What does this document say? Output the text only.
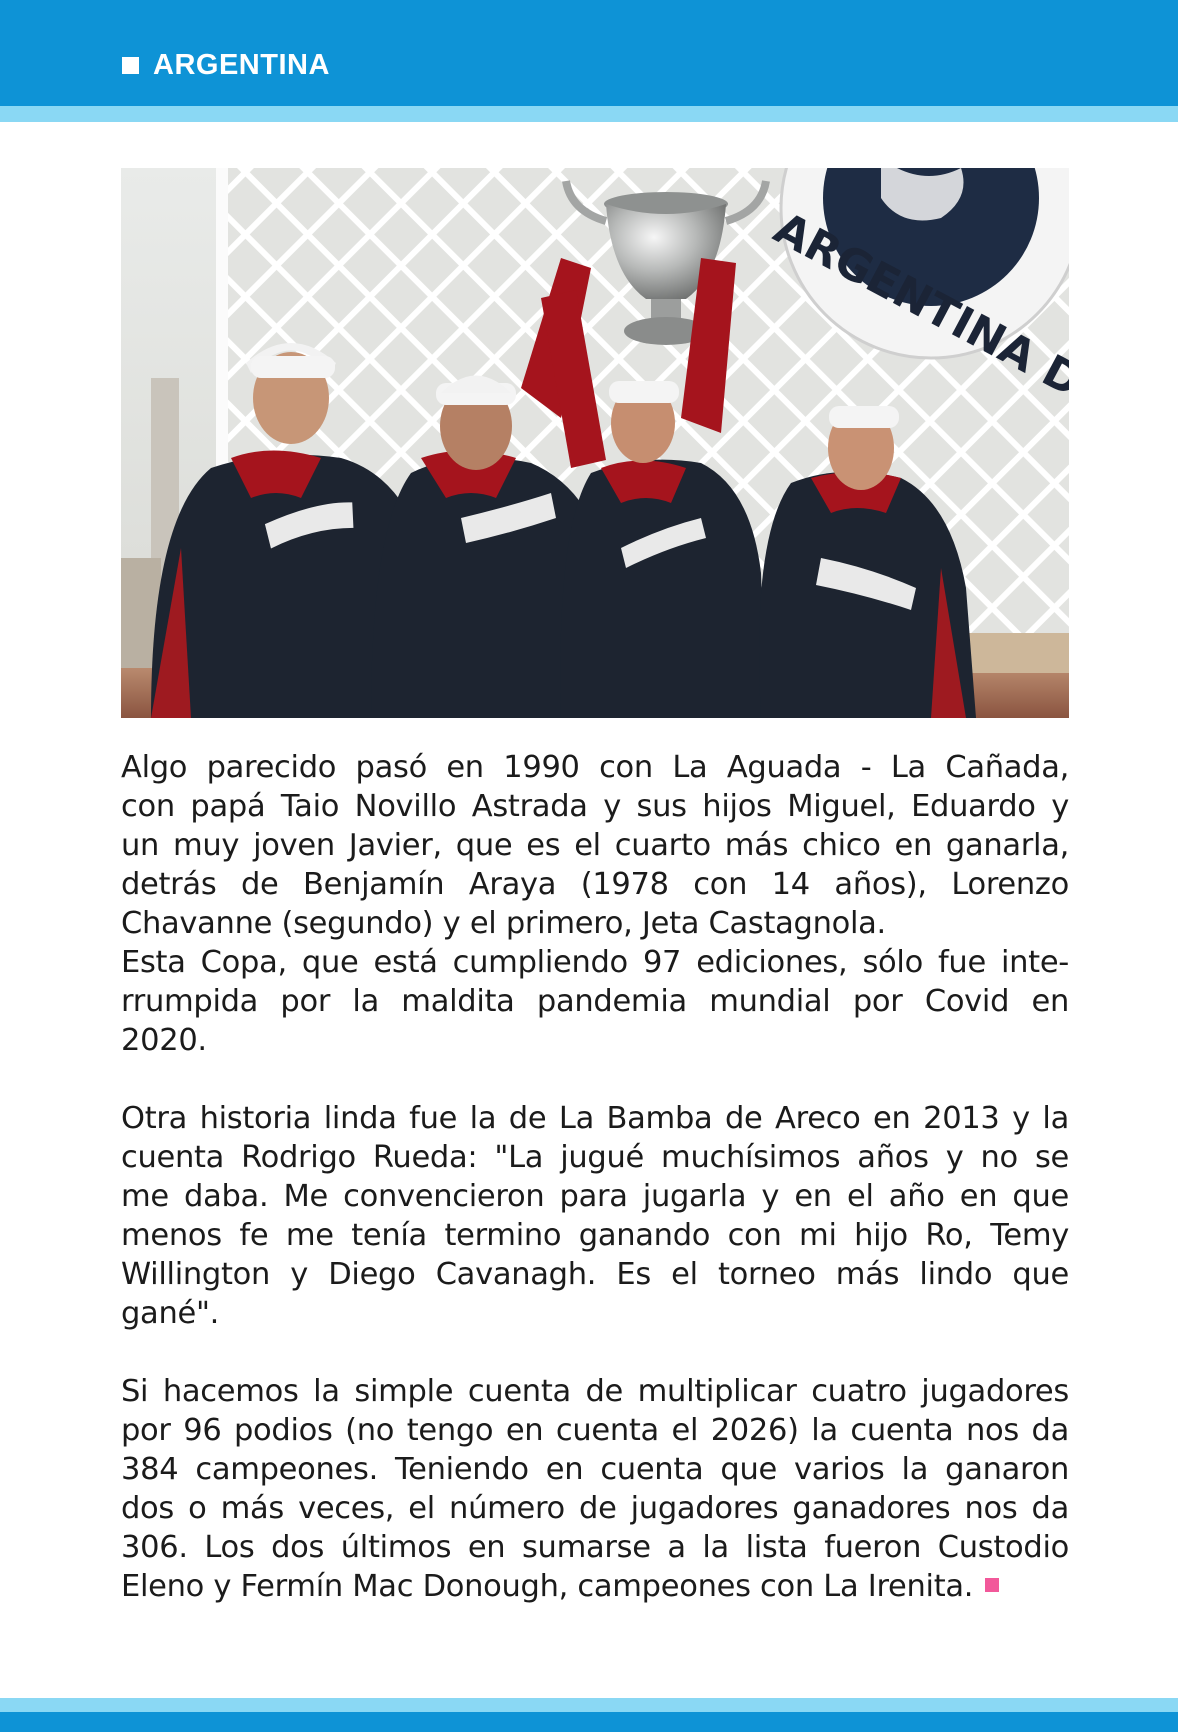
ARGENTINA
ARGENTINA DE
Algo parecido pasó en 1990 con La Aguada - La Cañada,
con papá Taio Novillo Astrada y sus hijos Miguel, Eduardo y
un muy joven Javier, que es el cuarto más chico en ganarla,
detrás de Benjamín Araya (1978 con 14 años), Lorenzo
Chavanne (segundo) y el primero, Jeta Castagnola.
Esta Copa, que está cumpliendo 97 ediciones, sólo fue inte-
rrumpida por la maldita pandemia mundial por Covid en
2020.
Otra historia linda fue la de La Bamba de Areco en 2013 y la
cuenta Rodrigo Rueda: "La jugué muchísimos años y no se
me daba. Me convencieron para jugarla y en el año en que
menos fe me tenía termino ganando con mi hijo Ro, Temy
Willington y Diego Cavanagh. Es el torneo más lindo que
gané".
Si hacemos la simple cuenta de multiplicar cuatro jugadores
por 96 podios (no tengo en cuenta el 2026) la cuenta nos da
384 campeones. Teniendo en cuenta que varios la ganaron
dos o más veces, el número de jugadores ganadores nos da
306. Los dos últimos en sumarse a la lista fueron Custodio
Eleno y Fermín Mac Donough, campeones con La Irenita.
